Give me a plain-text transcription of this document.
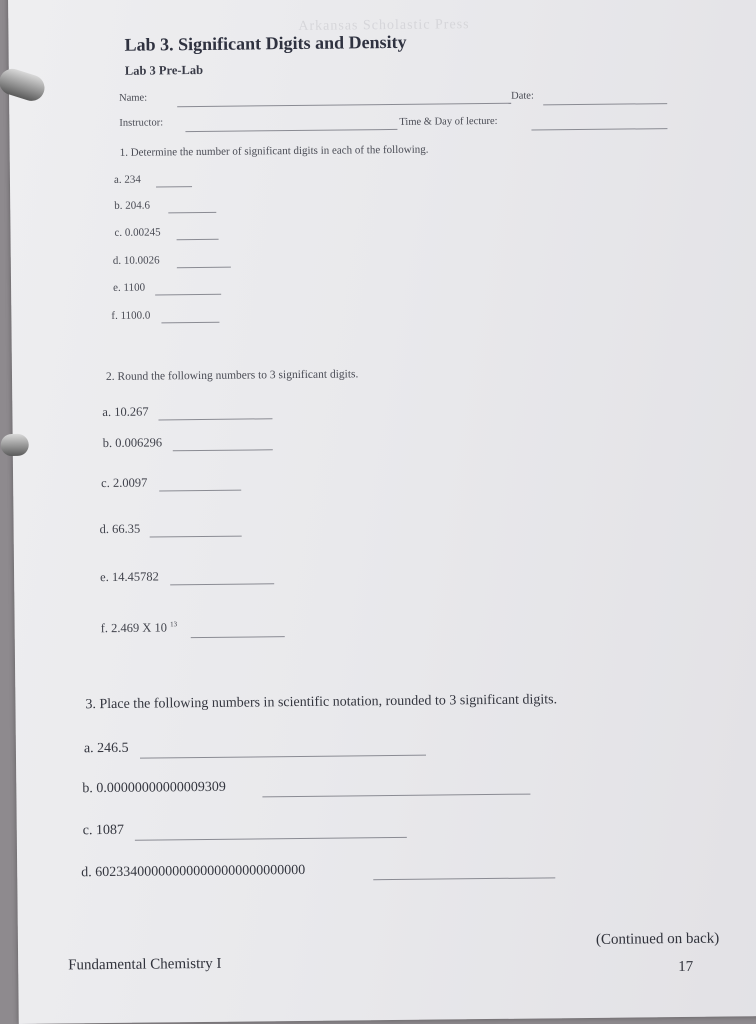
Arkansas Scholastic Press
Lab 3. Significant Digits and Density
Lab 3 Pre-Lab
Name:	Date:
Instructor:	Time & Day of lecture:
1. Determine the number of significant digits in each of the following.
a. 234
b. 204.6
c. 0.00245
d. 10.0026
e. 1100
f. 1100.0
2. Round the following numbers to 3 significant digits.
a. 10.267
b. 0.006296
c. 2.0097
d. 66.35
e. 14.45782
f. 2.469 X 10 $^{13}$
3. Place the following numbers in scientific notation, rounded to 3 significant digits.
a. 246.5
b. 0.00000000000009309
c. 1087
d. 602334000000000000000000000000
Fundamental Chemistry I
(Continued on back)
17
